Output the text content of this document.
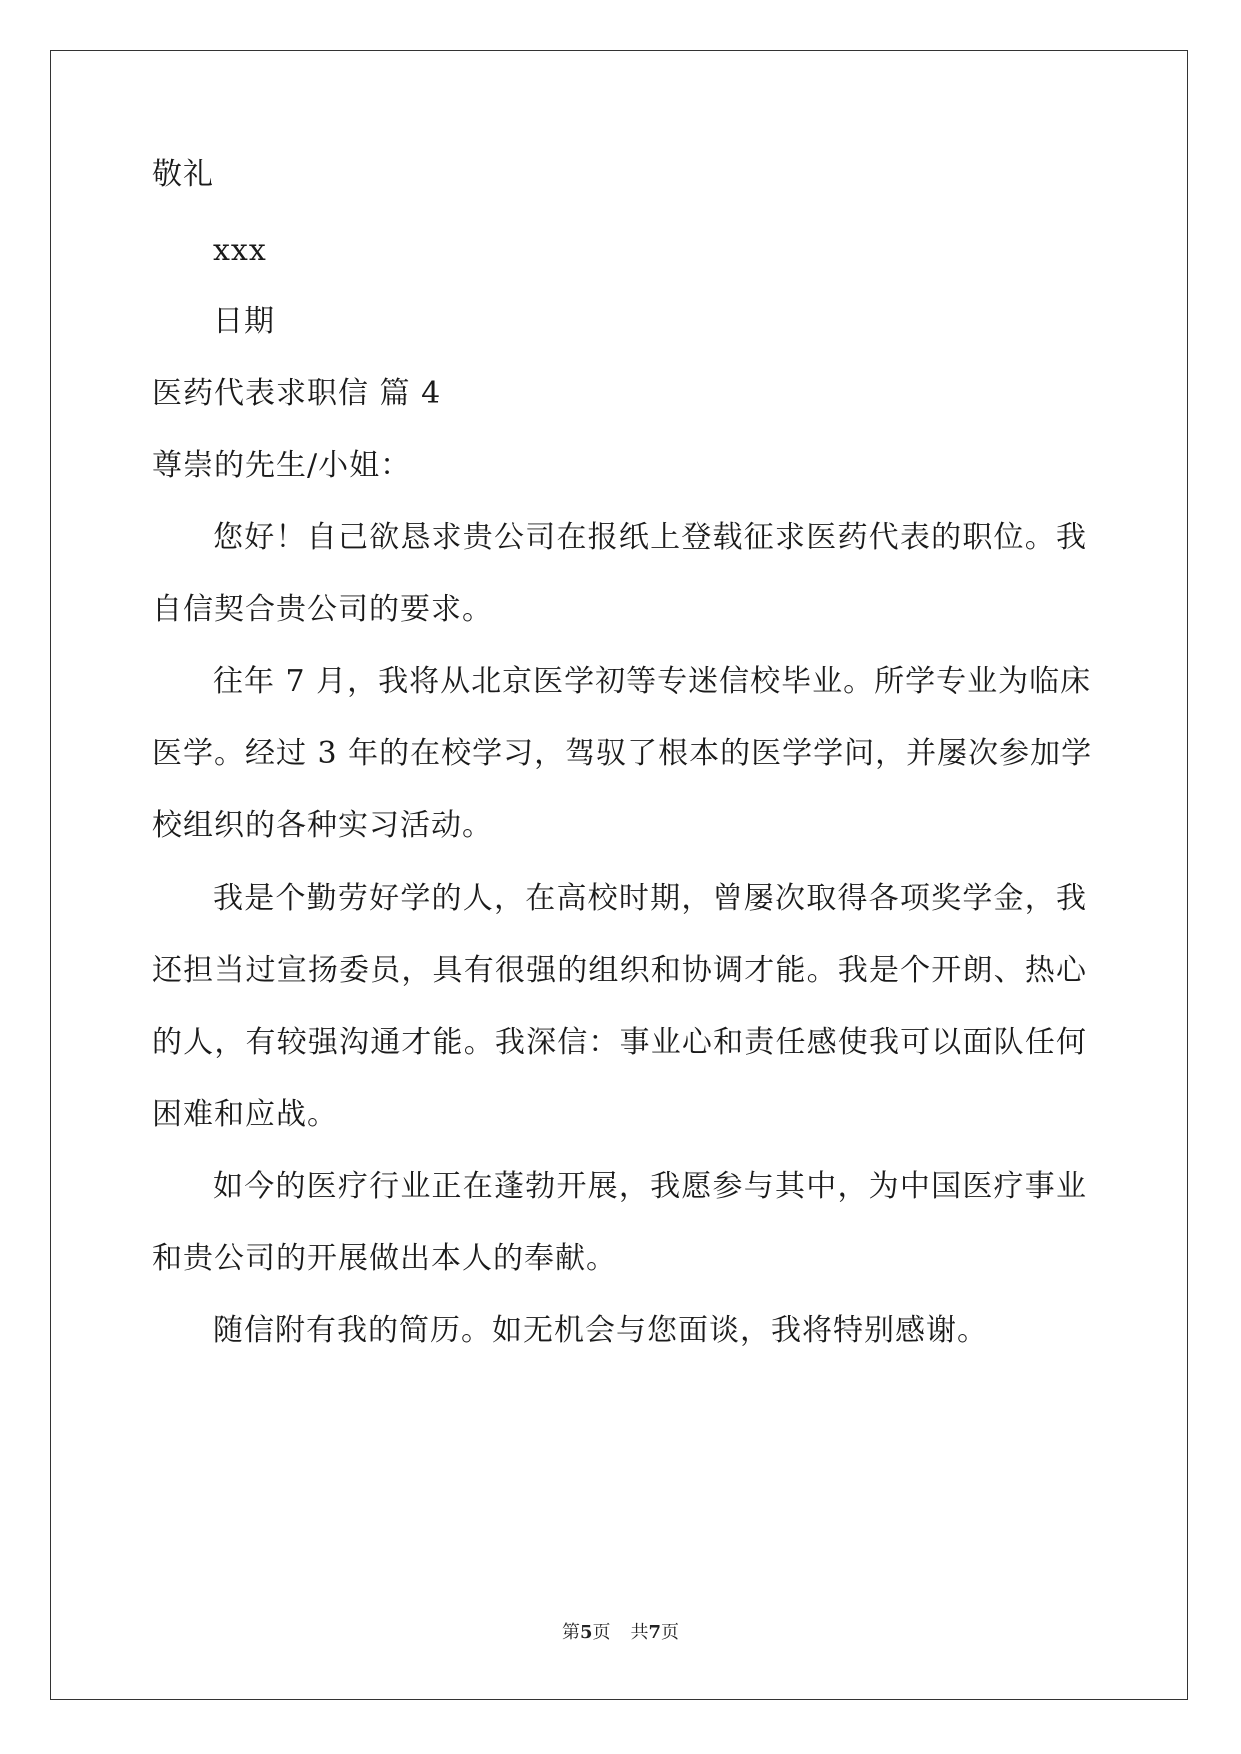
敬礼
xxx
日期
医药代表求职信 篇 4
尊崇的先生/小姐：
您好！自己欲恳求贵公司在报纸上登载征求医药代表的职位。我
自信契合贵公司的要求。
往年 7 月，我将从北京医学初等专迷信校毕业。所学专业为临床
医学。经过 3 年的在校学习，驾驭了根本的医学学问，并屡次参加学
校组织的各种实习活动。
我是个勤劳好学的人，在高校时期，曾屡次取得各项奖学金，我
还担当过宣扬委员，具有很强的组织和协调才能。我是个开朗、热心
的人，有较强沟通才能。我深信：事业心和责任感使我可以面队任何
困难和应战。
如今的医疗行业正在蓬勃开展，我愿参与其中，为中国医疗事业
和贵公司的开展做出本人的奉献。
随信附有我的简历。如无机会与您面谈，我将特别感谢。
第5页 共7页
